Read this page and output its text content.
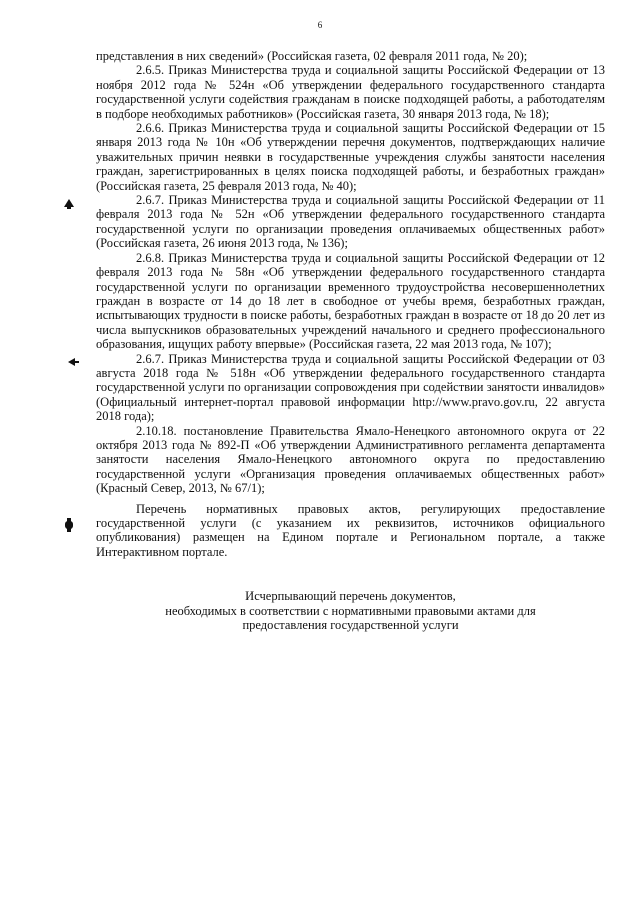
6

представления в них сведений» (Российская газета, 02 февраля 2011 года, № 20);

2.6.5. Приказ Министерства труда и социальной защиты Российской Федерации от 13 ноября 2012 года № 524н «Об утверждении федерального государственного стандарта государственной услуги содействия гражданам в поиске подходящей работы, а работодателям в подборе необходимых работников» (Российская газета, 30 января 2013 года, № 18);

2.6.6. Приказ Министерства труда и социальной защиты Российской Федерации от 15 января 2013 года № 10н «Об утверждении перечня документов, подтверждающих наличие уважительных причин неявки в государственные учреждения службы занятости населения граждан, зарегистрированных в целях поиска подходящей работы, и безработных граждан» (Российская газета, 25 февраля 2013 года, № 40);

2.6.7. Приказ Министерства труда и социальной защиты Российской Федерации от 11 февраля 2013 года № 52н «Об утверждении федерального государственного стандарта государственной услуги по организации проведения оплачиваемых общественных работ» (Российская газета, 26 июня 2013 года, № 136);

2.6.8. Приказ Министерства труда и социальной защиты Российской Федерации от 12 февраля 2013 года № 58н «Об утверждении федерального государственного стандарта государственной услуги по организации временного трудоустройства несовершеннолетних граждан в возрасте от 14 до 18 лет в свободное от учебы время, безработных граждан, испытывающих трудности в поиске работы, безработных граждан в возрасте от 18 до 20 лет из числа выпускников образовательных учреждений начального и среднего профессионального образования, ищущих работу впервые» (Российская газета, 22 мая 2013 года, № 107);

2.6.7. Приказ Министерства труда и социальной защиты Российской Федерации от 03 августа 2018 года № 518н «Об утверждении федерального государственного стандарта государственной услуги по организации сопровождения при содействии занятости инвалидов» (Официальный интернет-портал правовой информации http://www.pravo.gov.ru, 22 августа 2018 года);

2.10.18. постановление Правительства Ямало-Ненецкого автономного округа от 22 октября 2013 года № 892-П «Об утверждении Административного регламента департамента занятости населения Ямало-Ненецкого автономного округа по предоставлению государственной услуги «Организация проведения оплачиваемых общественных работ» (Красный Север, 2013, № 67/1);

Перечень нормативных правовых актов, регулирующих предоставление государственной услуги (с указанием их реквизитов, источников официального опубликования) размещен на Едином портале и Региональном портале, а также Интерактивном портале.

Исчерпывающий перечень документов,
необходимых в соответствии с нормативными правовыми актами для
предоставления государственной услуги
